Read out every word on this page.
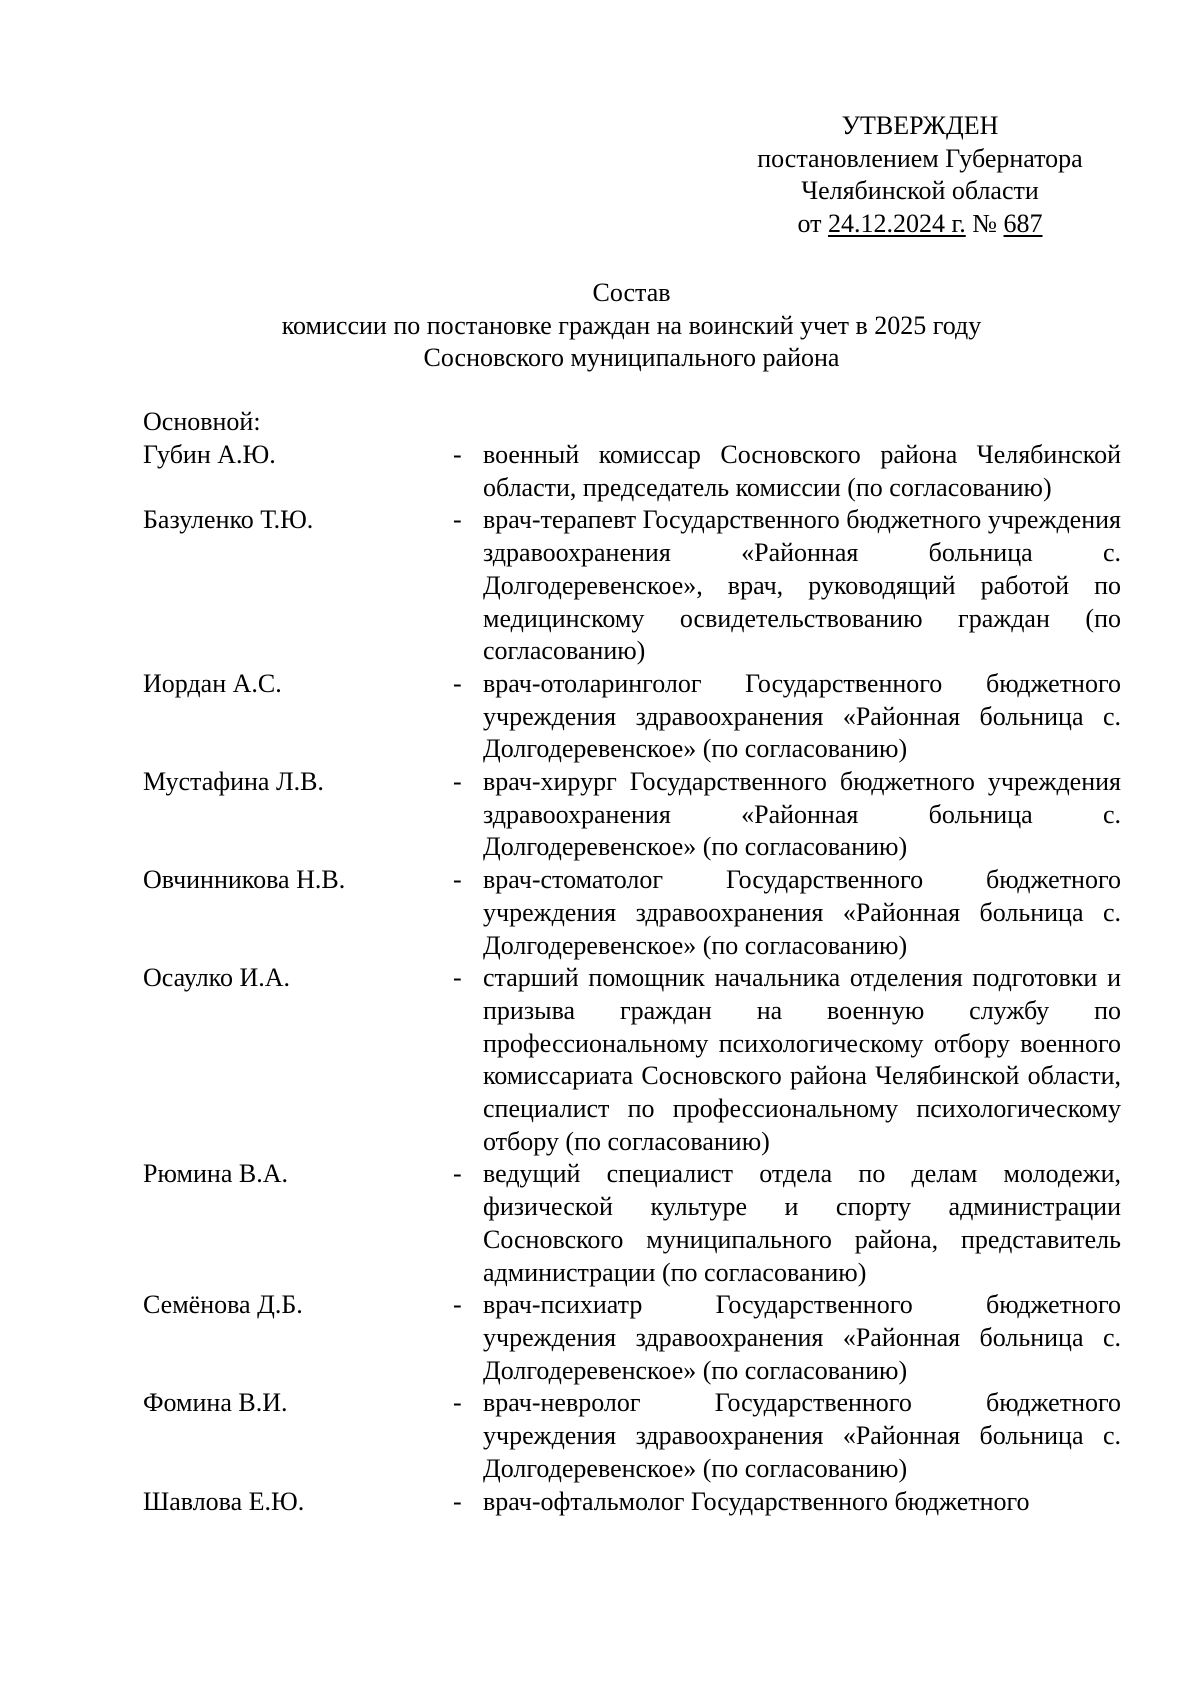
УТВЕРЖДЕН
постановлением Губернатора
Челябинской области
от 24.12.2024 г. № 687
Состав
комиссии по постановке граждан на воинский учет в 2025 году
Сосновского муниципального района
Основной:
Губин А.Ю.	- военный комиссар Сосновского района Челябинской области, председатель комиссии (по согласованию)
Базуленко Т.Ю.	- врач-терапевт Государственного бюджетного учреждения здравоохранения «Районная больница с. Долгодеревенское», врач, руководящий работой по медицинскому освидетельствованию граждан (по согласованию)
Иордан А.С.	- врач-отоларинголог Государственного бюджетного учреждения здравоохранения «Районная больница с. Долгодеревенское» (по согласованию)
Мустафина Л.В.	- врач-хирург Государственного бюджетного учреждения здравоохранения «Районная больница с. Долгодеревенское» (по согласованию)
Овчинникова Н.В.	- врач-стоматолог Государственного бюджетного учреждения здравоохранения «Районная больница с. Долгодеревенское» (по согласованию)
Осаулко И.А.	- старший помощник начальника отделения подготовки и призыва граждан на военную службу по профессиональному психологическому отбору военного комиссариата Сосновского района Челябинской области, специалист по профессиональному психологическому отбору (по согласованию)
Рюмина В.А.	- ведущий специалист отдела по делам молодежи, физической культуре и спорту администрации Сосновского муниципального района, представитель администрации (по согласованию)
Семёнова Д.Б.	- врач-психиатр Государственного бюджетного учреждения здравоохранения «Районная больница с. Долгодеревенское» (по согласованию)
Фомина В.И.	- врач-невролог Государственного бюджетного учреждения здравоохранения «Районная больница с. Долгодеревенское» (по согласованию)
Шавлова Е.Ю.	- врач-офтальмолог Государственного бюджетного
